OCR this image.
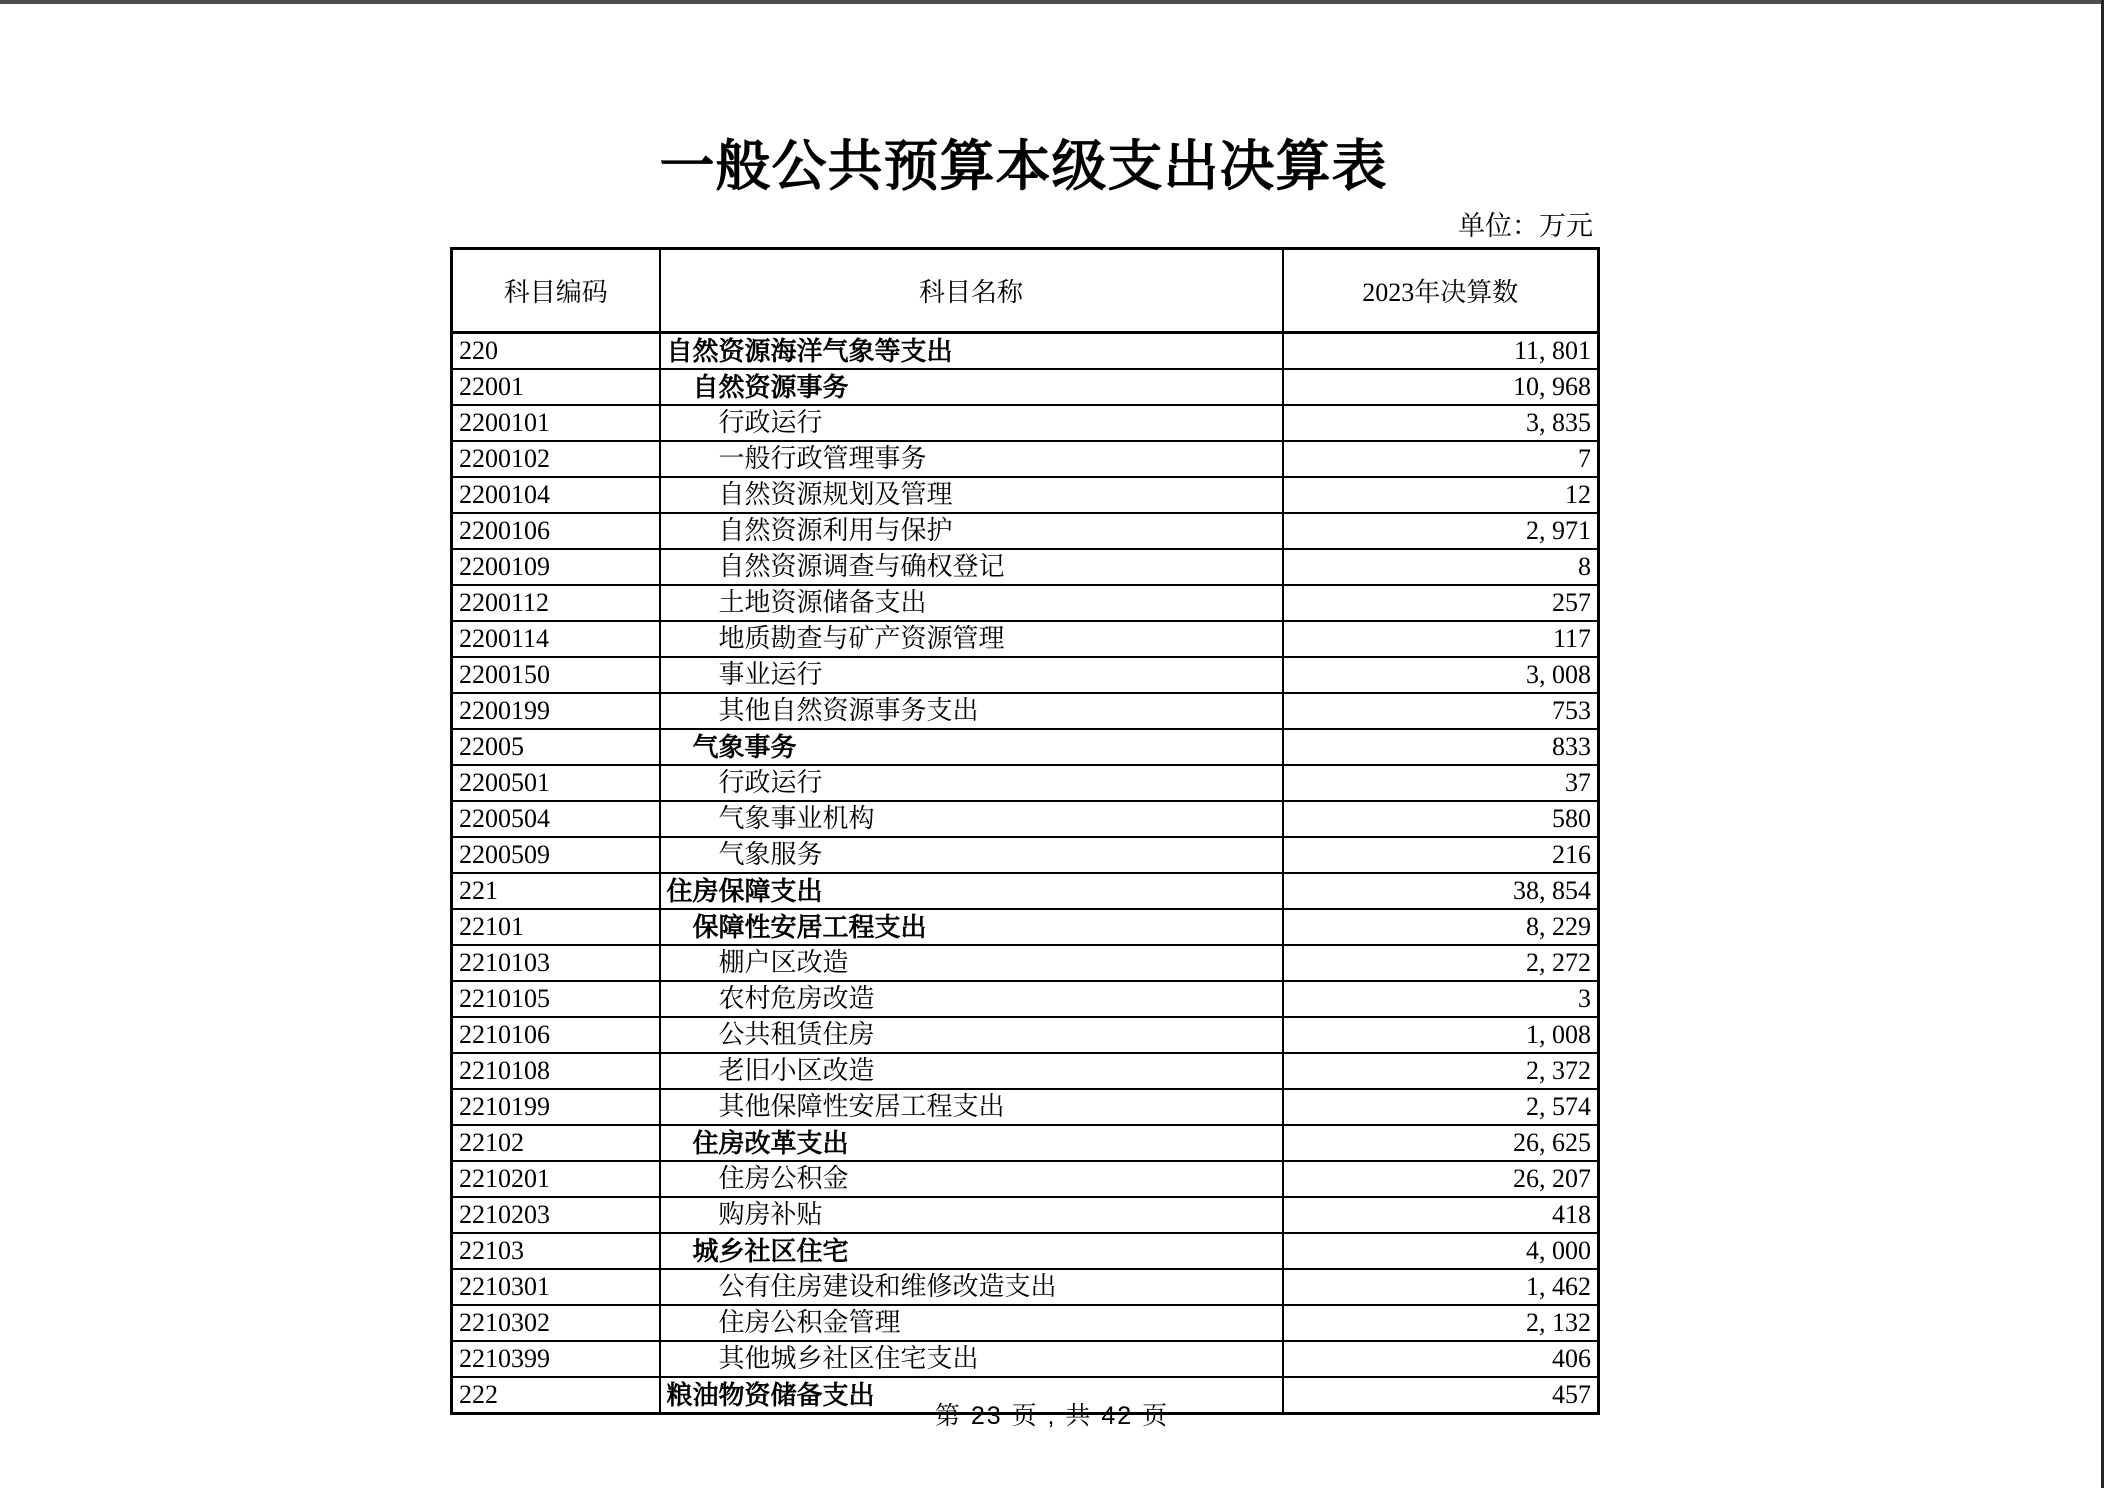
一般公共预算本级支出决算表
单位：万元
科目编码	科目名称	2023年决算数
220	自然资源海洋气象等支出	11, 801
22001	自然资源事务	10, 968
2200101	行政运行	3, 835
2200102	一般行政管理事务	7
2200104	自然资源规划及管理	12
2200106	自然资源利用与保护	2, 971
2200109	自然资源调查与确权登记	8
2200112	土地资源储备支出	257
2200114	地质勘查与矿产资源管理	117
2200150	事业运行	3, 008
2200199	其他自然资源事务支出	753
22005	气象事务	833
2200501	行政运行	37
2200504	气象事业机构	580
2200509	气象服务	216
221	住房保障支出	38, 854
22101	保障性安居工程支出	8, 229
2210103	棚户区改造	2, 272
2210105	农村危房改造	3
2210106	公共租赁住房	1, 008
2210108	老旧小区改造	2, 372
2210199	其他保障性安居工程支出	2, 574
22102	住房改革支出	26, 625
2210201	住房公积金	26, 207
2210203	购房补贴	418
22103	城乡社区住宅	4, 000
2210301	公有住房建设和维修改造支出	1, 462
2210302	住房公积金管理	2, 132
2210399	其他城乡社区住宅支出	406
222	粮油物资储备支出	457
第 23 页 , 共 42 页
